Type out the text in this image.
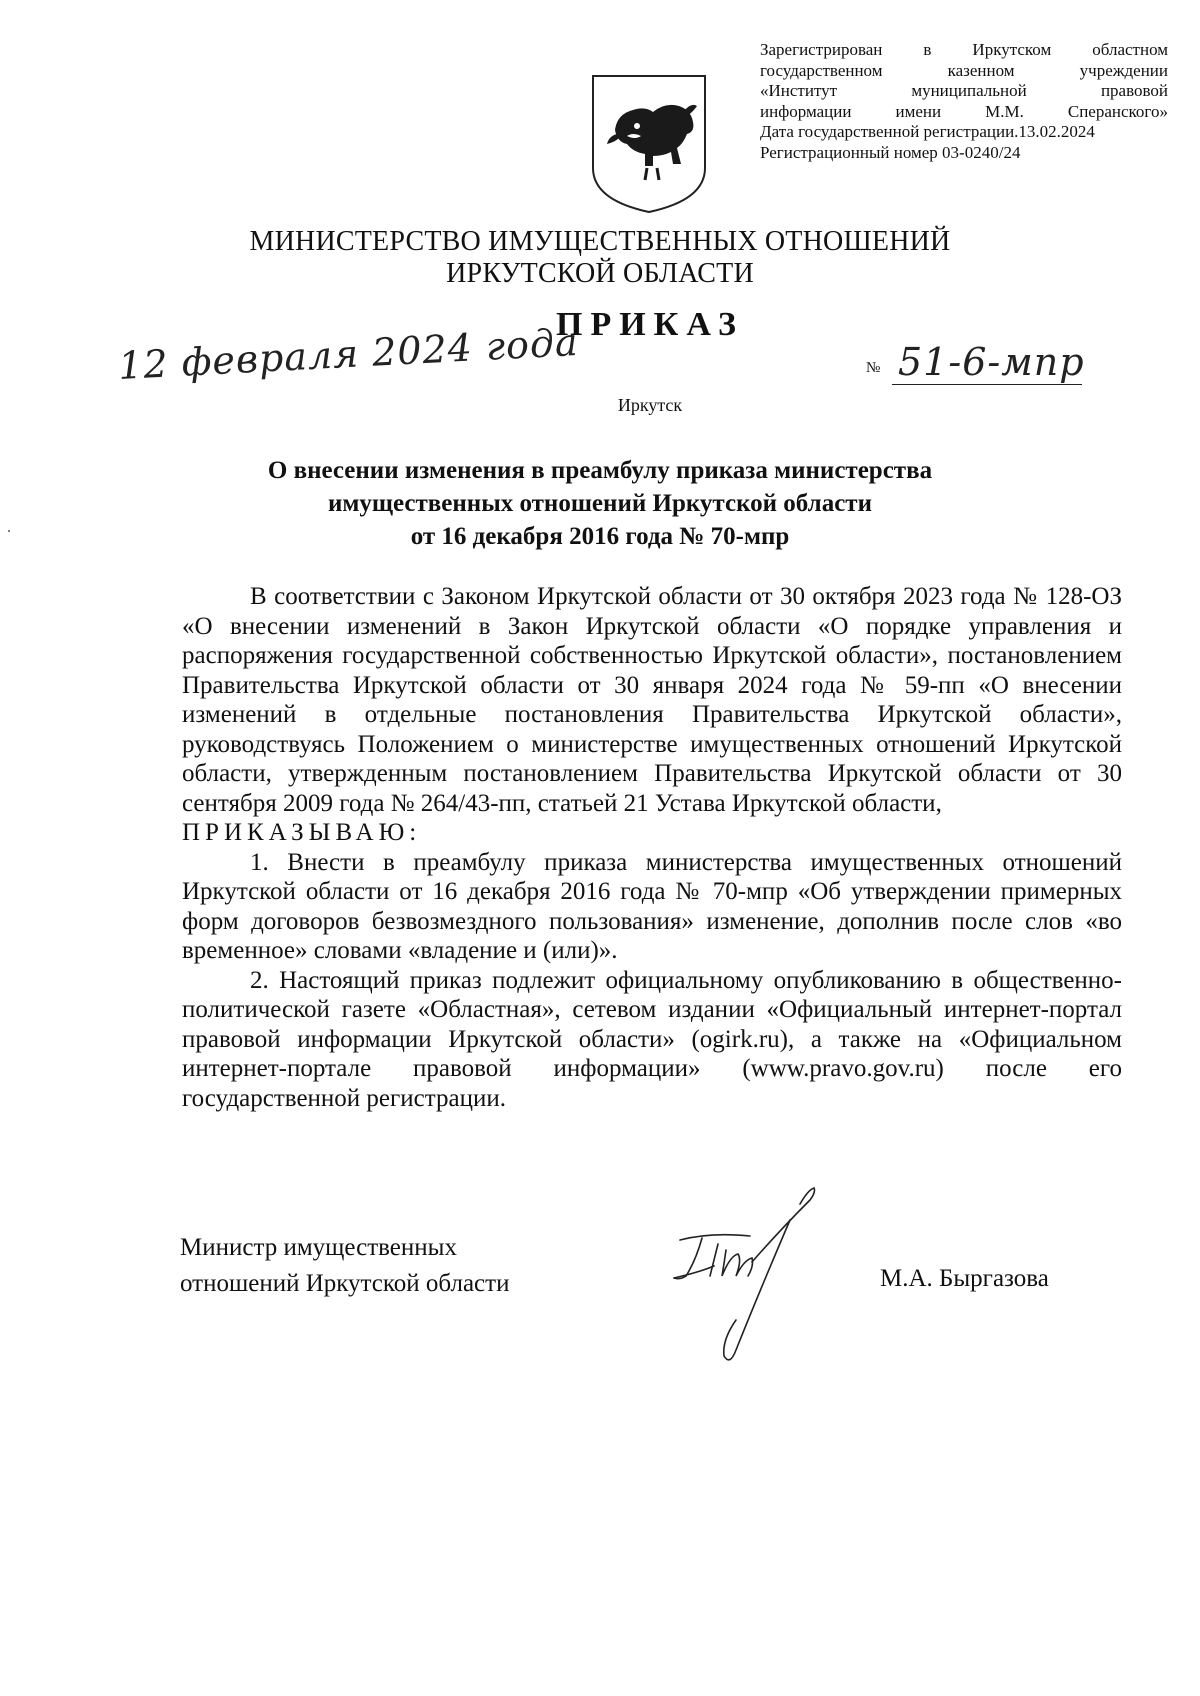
Зарегистрирован в Иркутском областном
государственном казенном учреждении
«Институт муниципальной правовой
информации имени М.М. Сперанского»
Дата государственной регистрации.13.02.2024
Регистрационный номер 03-0240/24
МИНИСТЕРСТВО ИМУЩЕСТВЕННЫХ ОТНОШЕНИЙ
ИРКУТСКОЙ ОБЛАСТИ
ПРИКАЗ
12 февраля 2024 года	№ 51-6-мпр
Иркутск
О внесении изменения в преамбулу приказа министерства
имущественных отношений Иркутской области
от 16 декабря 2016 года № 70-мпр

В соответствии с Законом Иркутской области от 30 октября 2023 года № 128-ОЗ «О внесении изменений в Закон Иркутской области «О порядке управления и распоряжения государственной собственностью Иркутской области», постановлением Правительства Иркутской области от 30 января 2024 года № 59-пп «О внесении изменений в отдельные постановления Правительства Иркутской области», руководствуясь Положением о министерстве имущественных отношений Иркутской области, утвержденным постановлением Правительства Иркутской области от 30 сентября 2009 года № 264/43-пп, статьей 21 Устава Иркутской области,

ПРИКАЗЫВАЮ:

1. Внести в преамбулу приказа министерства имущественных отношений Иркутской области от 16 декабря 2016 года № 70-мпр «Об утверждении примерных форм договоров безвозмездного пользования» изменение, дополнив после слов «во временное» словами «владение и (или)».

2. Настоящий приказ подлежит официальному опубликованию в общественно-политической газете «Областная», сетевом издании «Официальный интернет-портал правовой информации Иркутской области» (ogirk.ru), а также на «Официальном интернет-портале правовой информации» (www.pravo.gov.ru) после его государственной регистрации.

Министр имущественных
отношений Иркутской области	М.А. Быргазова
